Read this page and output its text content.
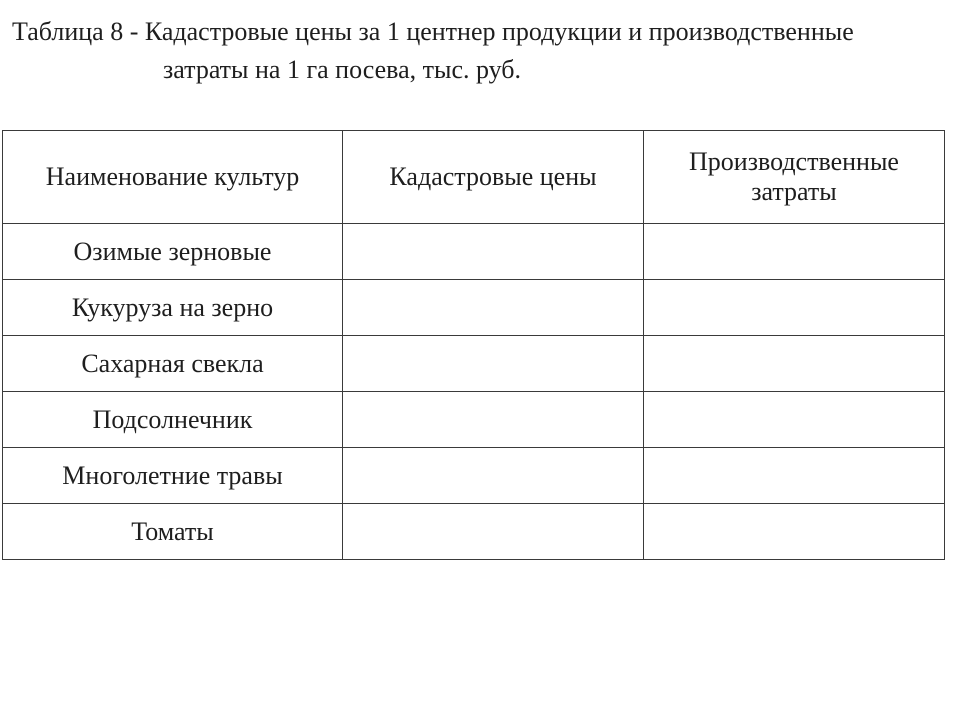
Таблица 8 - Кадастровые цены за 1 центнер продукции и производственные
затраты на 1 га посева, тыс. руб.
Наименование культур	Кадастровые цены	Производственные
затраты

Озимые зерновые		
Кукуруза на зерно		
Сахарная свекла		
Подсолнечник		
Многолетние травы		
Томаты		
